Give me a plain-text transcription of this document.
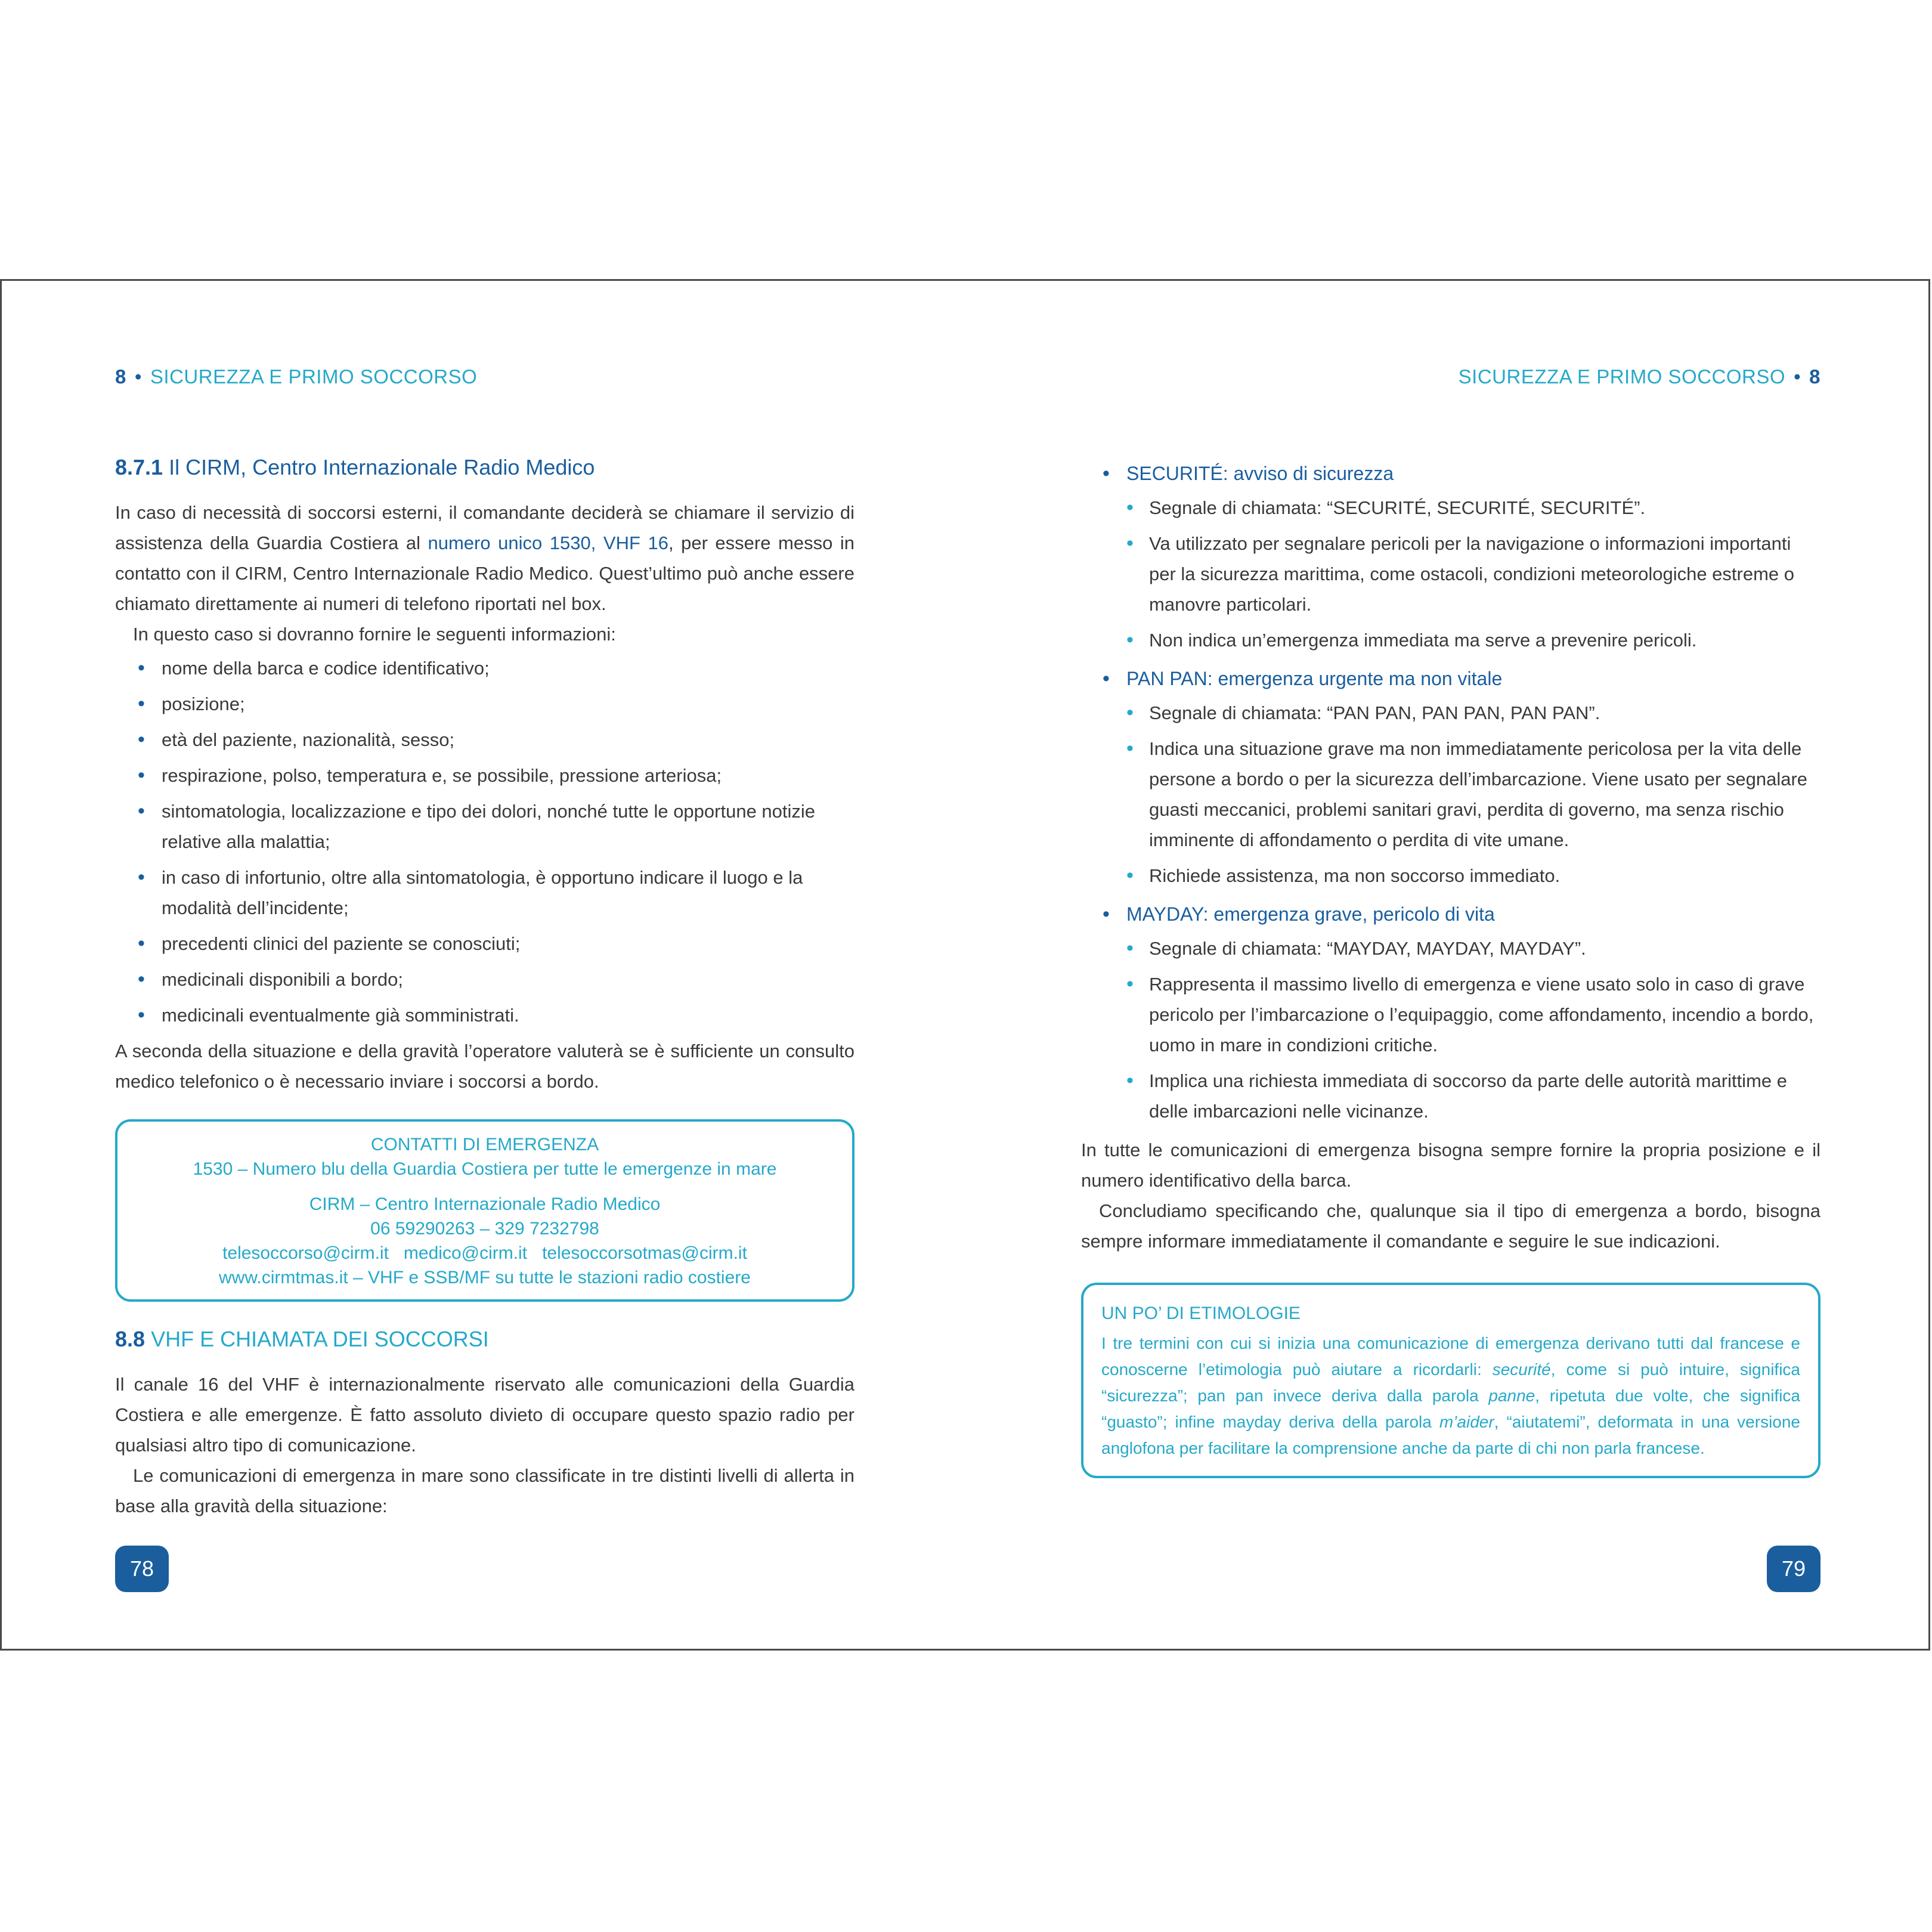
8 • SICUREZZA E PRIMO SOCCORSO
8.7.1 Il CIRM, Centro Internazionale Radio Medico

In caso di necessità di soccorsi esterni, il comandante deciderà se chiamare il servizio di assistenza della Guardia Costiera al numero unico 1530, VHF 16, per essere messo in contatto con il CIRM, Centro Internazionale Radio Medico. Quest’ultimo può anche essere chiamato direttamente ai numeri di telefono riportati nel box.

In questo caso si dovranno fornire le seguenti informazioni:

• nome della barca e codice identificativo;
• posizione;
• età del paziente, nazionalità, sesso;
• respirazione, polso, temperatura e, se possibile, pressione arteriosa;
• sintomatologia, localizzazione e tipo dei dolori, nonché tutte le opportune notizie relative alla malattia;
• in caso di infortunio, oltre alla sintomatologia, è opportuno indicare il luogo e la modalità dell’incidente;
• precedenti clinici del paziente se conosciuti;
• medicinali disponibili a bordo;
• medicinali eventualmente già somministrati.

A seconda della situazione e della gravità l’operatore valuterà se è sufficiente un consulto medico telefonico o è necessario inviare i soccorsi a bordo.

CONTATTI DI EMERGENZA
1530 – Numero blu della Guardia Costiera per tutte le emergenze in mare
CIRM – Centro Internazionale Radio Medico
06 59290263 – 329 7232798
telesoccorso@cirm.it   medico@cirm.it   telesoccorsotmas@cirm.it
www.cirmtmas.it – VHF e SSB/MF su tutte le stazioni radio costiere
8.8 VHF E CHIAMATA DEI SOCCORSI

Il canale 16 del VHF è internazionalmente riservato alle comunicazioni della Guardia Costiera e alle emergenze. È fatto assoluto divieto di occupare questo spazio radio per qualsiasi altro tipo di comunicazione.

Le comunicazioni di emergenza in mare sono classificate in tre distinti livelli di allerta in base alla gravità della situazione:

78
SICUREZZA E PRIMO SOCCORSO • 8
• SECURITÉ: avviso di sicurezza
• Segnale di chiamata: “SECURITÉ, SECURITÉ, SECURITÉ”.
• Va utilizzato per segnalare pericoli per la navigazione o informazioni importanti per la sicurezza marittima, come ostacoli, condizioni meteorologiche estreme o manovre particolari.
• Non indica un’emergenza immediata ma serve a prevenire pericoli.
• PAN PAN: emergenza urgente ma non vitale
• Segnale di chiamata: “PAN PAN, PAN PAN, PAN PAN”.
• Indica una situazione grave ma non immediatamente pericolosa per la vita delle persone a bordo o per la sicurezza dell’imbarcazione. Viene usato per segnalare guasti meccanici, problemi sanitari gravi, perdita di governo, ma senza rischio imminente di affondamento o perdita di vite umane.
• Richiede assistenza, ma non soccorso immediato.
• MAYDAY: emergenza grave, pericolo di vita
• Segnale di chiamata: “MAYDAY, MAYDAY, MAYDAY”.
• Rappresenta il massimo livello di emergenza e viene usato solo in caso di grave pericolo per l’imbarcazione o l’equipaggio, come affondamento, incendio a bordo, uomo in mare in condizioni critiche.
• Implica una richiesta immediata di soccorso da parte delle autorità marittime e delle imbarcazioni nelle vicinanze.

In tutte le comunicazioni di emergenza bisogna sempre fornire la propria posizione e il numero identificativo della barca.

Concludiamo specificando che, qualunque sia il tipo di emergenza a bordo, bisogna sempre informare immediatamente il comandante e seguire le sue indicazioni.

UN PO’ DI ETIMOLOGIE
I tre termini con cui si inizia una comunicazione di emergenza derivano tutti dal francese e conoscerne l’etimologia può aiutare a ricordarli: securité, come si può intuire, significa “sicurezza”; pan pan invece deriva dalla parola panne, ripetuta due volte, che significa “guasto”; infine mayday deriva della parola m’aider, “aiutatemi”, deformata in una versione anglofona per facilitare la comprensione anche da parte di chi non parla francese.
79
